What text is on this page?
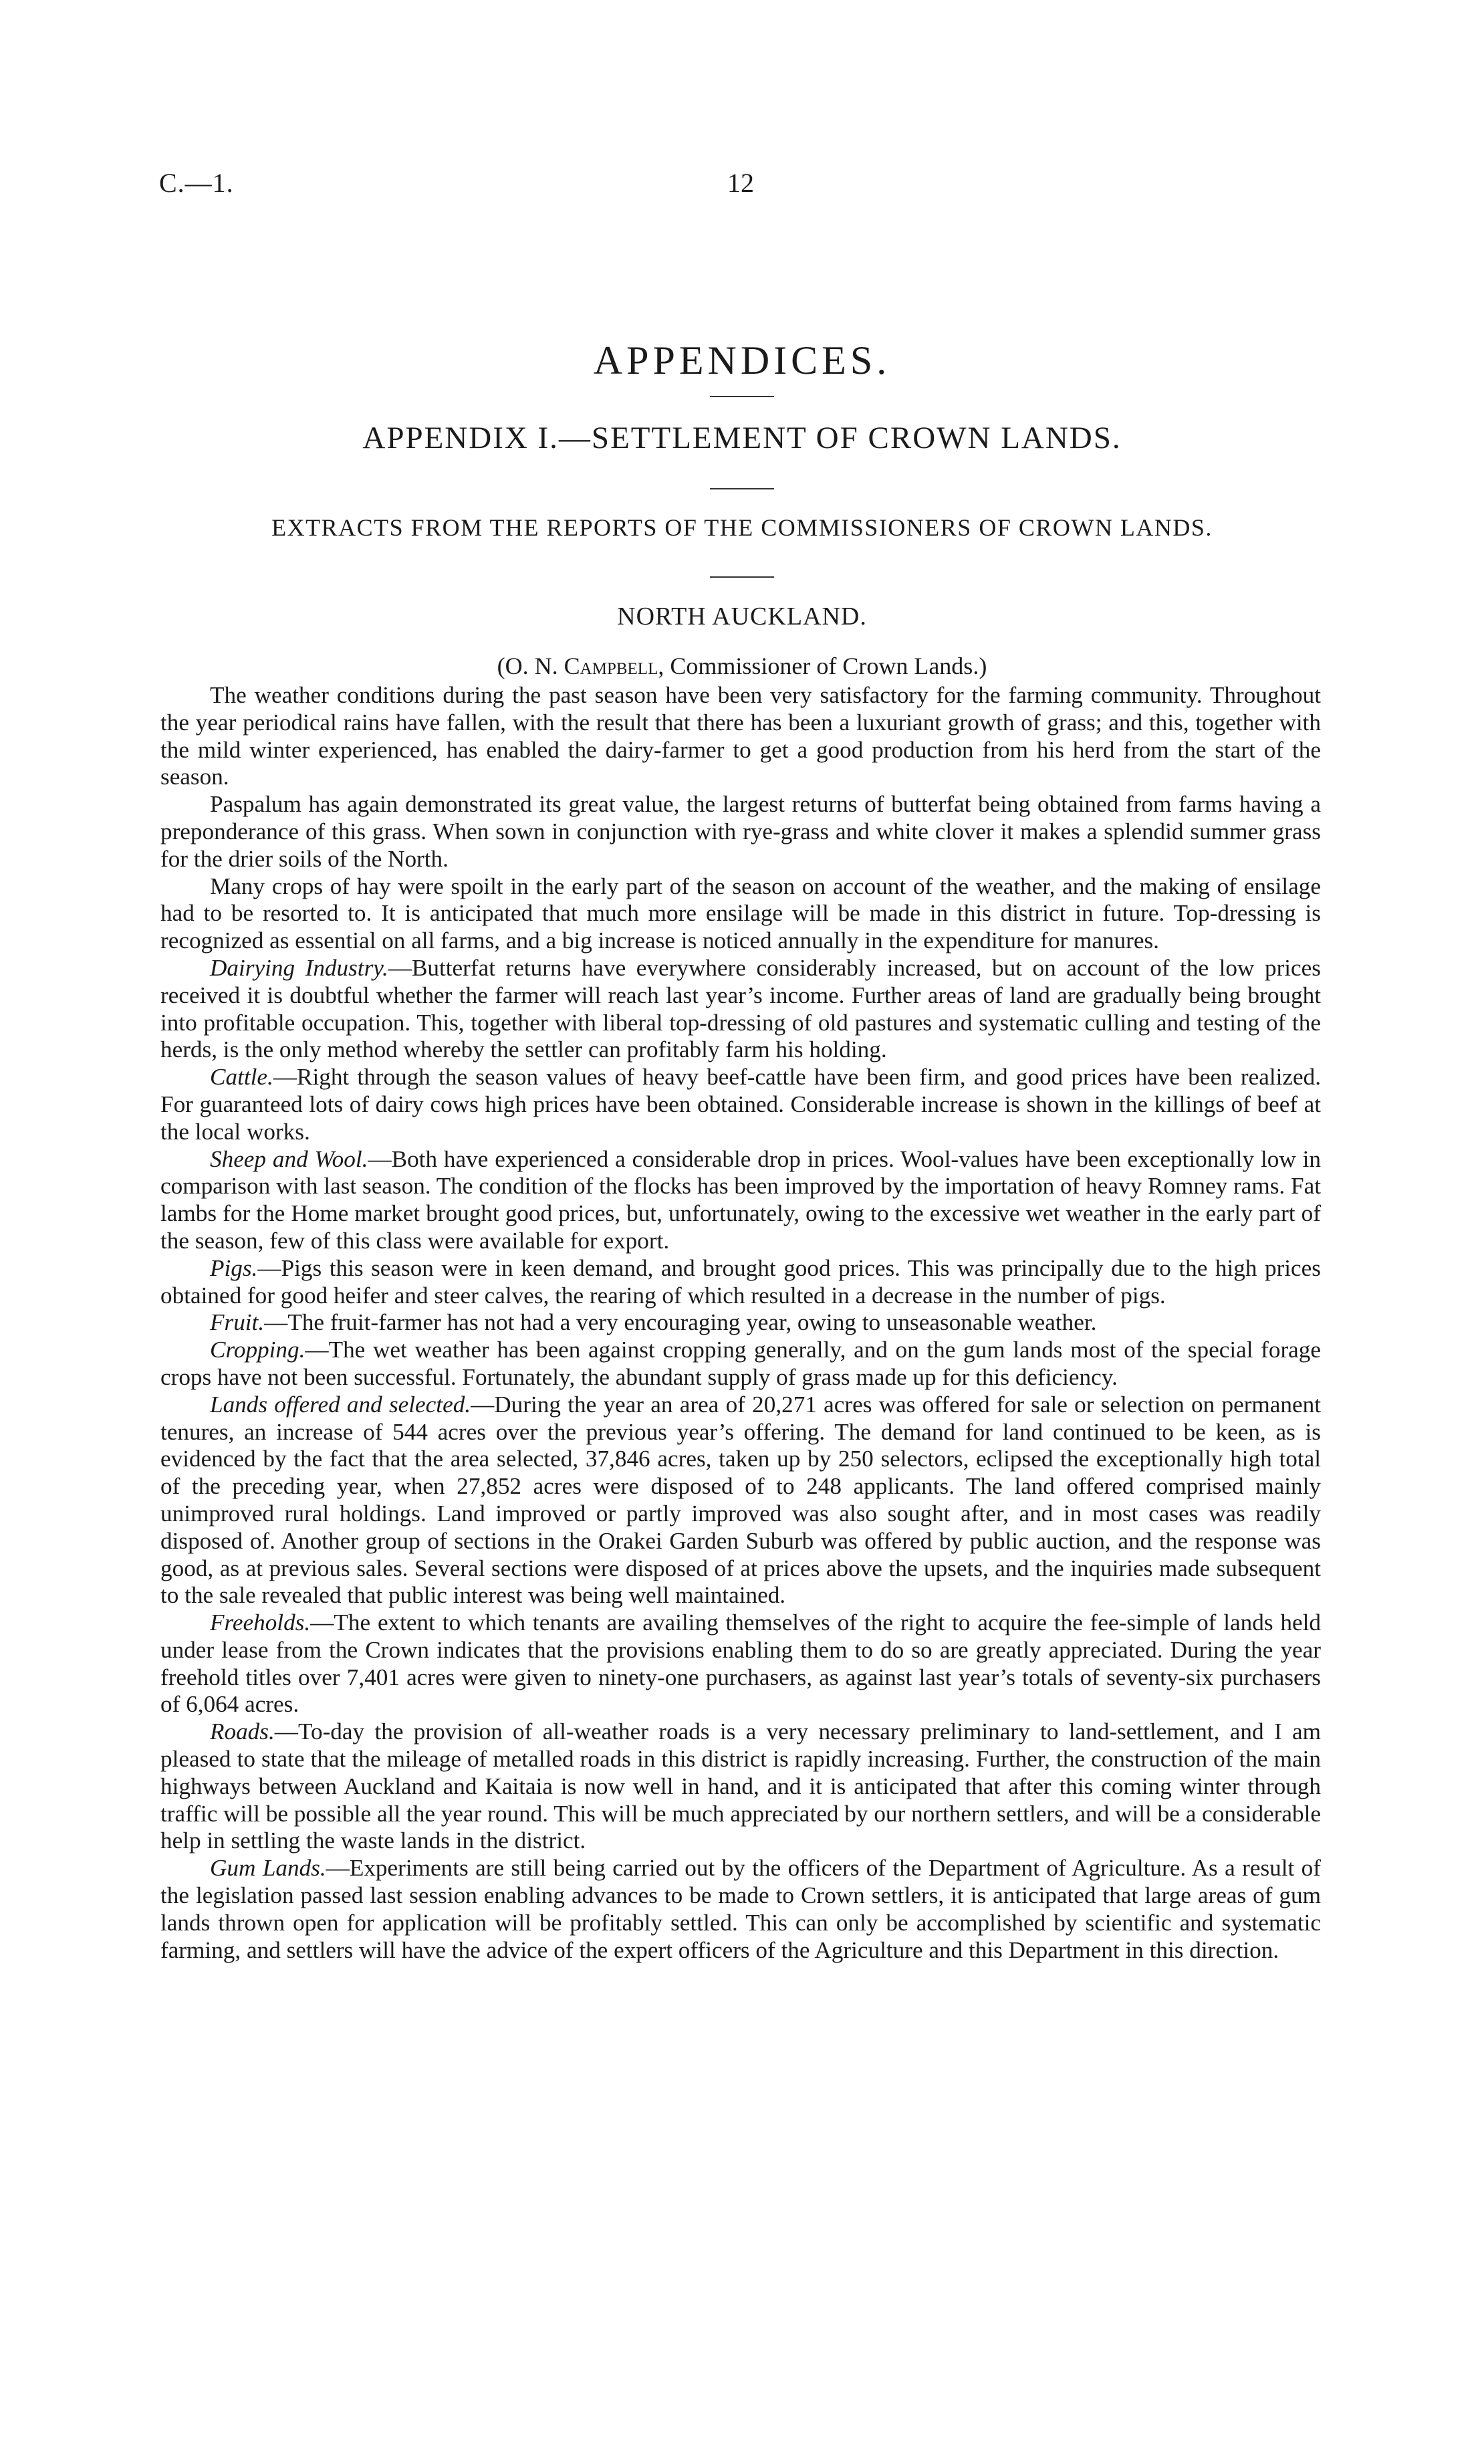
C.—1.	12
APPENDICES.
APPENDIX I.—SETTLEMENT OF CROWN LANDS.
EXTRACTS FROM THE REPORTS OF THE COMMISSIONERS OF CROWN LANDS.
NORTH AUCKLAND.
(O. N. Campbell, Commissioner of Crown Lands.)

The weather conditions during the past season have been very satisfactory for the farming community. Throughout the year periodical rains have fallen, with the result that there has been a luxuriant growth of grass; and this, together with the mild winter experienced, has enabled the dairy-farmer to get a good production from his herd from the start of the season.

Paspalum has again demonstrated its great value, the largest returns of butterfat being obtained from farms having a preponderance of this grass. When sown in conjunction with rye-grass and white clover it makes a splendid summer grass for the drier soils of the North.

Many crops of hay were spoilt in the early part of the season on account of the weather, and the making of ensilage had to be resorted to. It is anticipated that much more ensilage will be made in this district in future. Top-dressing is recognized as essential on all farms, and a big increase is noticed annually in the expenditure for manures.

Dairying Industry.—Butterfat returns have everywhere considerably increased, but on account of the low prices received it is doubtful whether the farmer will reach last year’s income. Further areas of land are gradually being brought into profitable occupation. This, together with liberal top-dressing of old pastures and systematic culling and testing of the herds, is the only method whereby the settler can profitably farm his holding.

Cattle.—Right through the season values of heavy beef-cattle have been firm, and good prices have been realized. For guaranteed lots of dairy cows high prices have been obtained. Considerable increase is shown in the killings of beef at the local works.

Sheep and Wool.—Both have experienced a considerable drop in prices. Wool-values have been exceptionally low in comparison with last season. The condition of the flocks has been improved by the importation of heavy Romney rams. Fat lambs for the Home market brought good prices, but, unfortunately, owing to the excessive wet weather in the early part of the season, few of this class were available for export.

Pigs.—Pigs this season were in keen demand, and brought good prices. This was principally due to the high prices obtained for good heifer and steer calves, the rearing of which resulted in a decrease in the number of pigs.

Fruit.—The fruit-farmer has not had a very encouraging year, owing to unseasonable weather.

Cropping.—The wet weather has been against cropping generally, and on the gum lands most of the special forage crops have not been successful. Fortunately, the abundant supply of grass made up for this deficiency.

Lands offered and selected.—During the year an area of 20,271 acres was offered for sale or selection on permanent tenures, an increase of 544 acres over the previous year’s offering. The demand for land continued to be keen, as is evidenced by the fact that the area selected, 37,846 acres, taken up by 250 selectors, eclipsed the exceptionally high total of the preceding year, when 27,852 acres were disposed of to 248 applicants. The land offered comprised mainly unimproved rural holdings. Land improved or partly improved was also sought after, and in most cases was readily disposed of. Another group of sections in the Orakei Garden Suburb was offered by public auction, and the response was good, as at previous sales. Several sections were disposed of at prices above the upsets, and the inquiries made subsequent to the sale revealed that public interest was being well maintained.

Freeholds.—The extent to which tenants are availing themselves of the right to acquire the fee-simple of lands held under lease from the Crown indicates that the provisions enabling them to do so are greatly appreciated. During the year freehold titles over 7,401 acres were given to ninety-one purchasers, as against last year’s totals of seventy-six purchasers of 6,064 acres.

Roads.—To-day the provision of all-weather roads is a very necessary preliminary to land-settlement, and I am pleased to state that the mileage of metalled roads in this district is rapidly increasing. Further, the construction of the main highways between Auckland and Kaitaia is now well in hand, and it is anticipated that after this coming winter through traffic will be possible all the year round. This will be much appreciated by our northern settlers, and will be a considerable help in settling the waste lands in the district.

Gum Lands.—Experiments are still being carried out by the officers of the Department of Agriculture. As a result of the legislation passed last session enabling advances to be made to Crown settlers, it is anticipated that large areas of gum lands thrown open for application will be profitably settled. This can only be accomplished by scientific and systematic farming, and settlers will have the advice of the expert officers of the Agriculture and this Department in this direction.
